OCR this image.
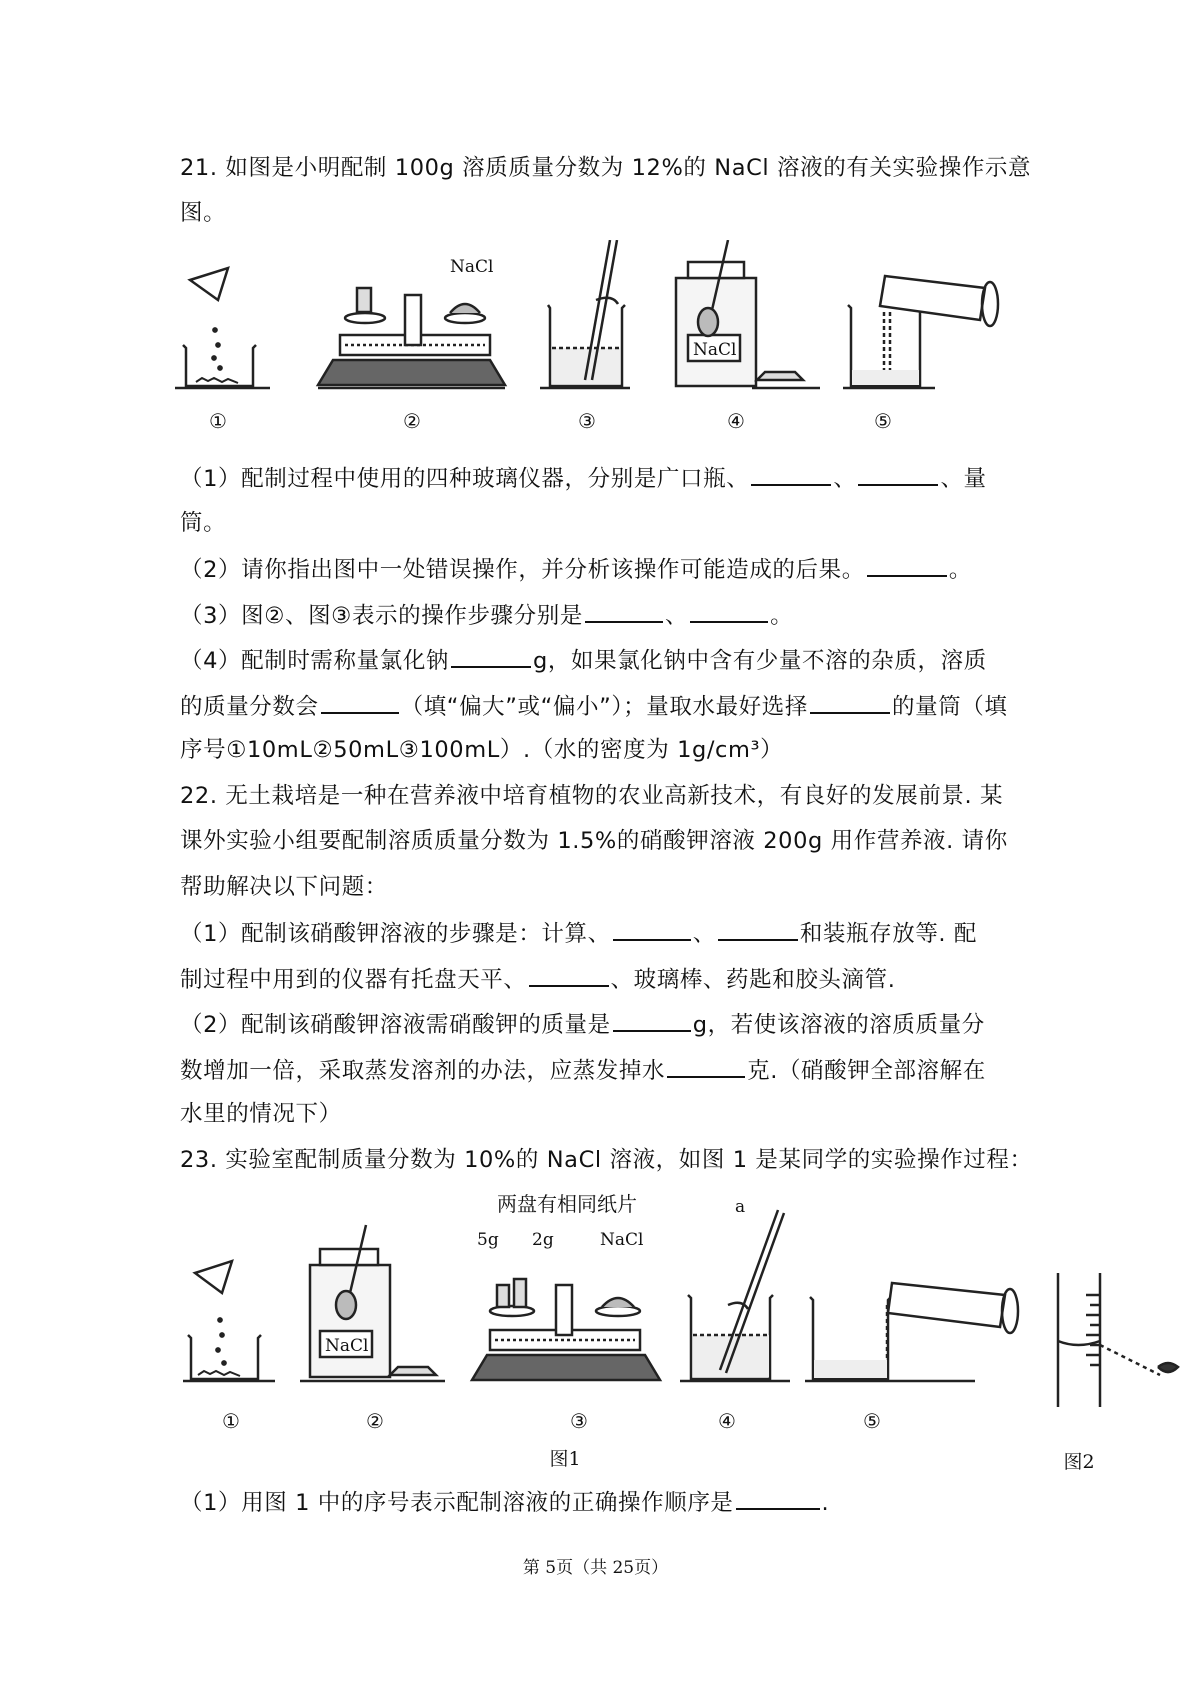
21. 如图是小明配制 100g 溶质质量分数为 12%的 NaCl 溶液的有关实验操作示意
图。
NaCl
NaCl
①	②	③	④	⑤
（1）配制过程中使用的四种玻璃仪器，分别是广口瓶、	、	、量
筒。
（2）请你指出图中一处错误操作，并分析该操作可能造成的后果。	。
（3）图②、图③表示的操作步骤分别是	、	。
（4）配制时需称量氯化钠	g，如果氯化钠中含有少量不溶的杂质，溶质
的质量分数会	（填“偏大”或“偏小”）；量取水最好选择	的量筒（填
序号①10mL②50mL③100mL）.（水的密度为 1g/cm³）
22. 无土栽培是一种在营养液中培育植物的农业高新技术，有良好的发展前景. 某
课外实验小组要配制溶质质量分数为 1.5%的硝酸钾溶液 200g 用作营养液. 请你
帮助解决以下问题：
（1）配制该硝酸钾溶液的步骤是：计算、	、	和装瓶存放等. 配
制过程中用到的仪器有托盘天平、	、玻璃棒、药匙和胶头滴管.
（2）配制该硝酸钾溶液需硝酸钾的质量是	g，若使该溶液的溶质质量分
数增加一倍，采取蒸发溶剂的办法，应蒸发掉水	克.（硝酸钾全部溶解在
水里的情况下）
23. 实验室配制质量分数为 10%的 NaCl 溶液，如图 1 是某同学的实验操作过程：
两盘有相同纸片
5g 2g	NaCl
a
NaCl
①	②	③	④	⑤
图1	图2
（1）用图 1 中的序号表示配制溶液的正确操作顺序是	.
第 5页（共 25页）
